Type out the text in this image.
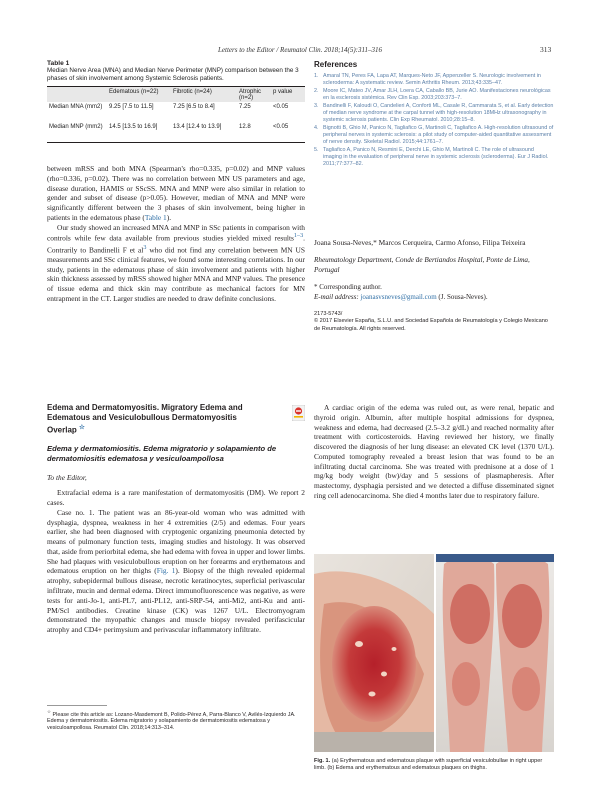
Letters to the Editor / Reumatol Clin. 2018;14(5):311–316	313
Table 1
Median Nerve Area (MNA) and Median Nerve Perimeter (MNP) comparison between the 3 phases of skin involvement among Systemic Sclerosis patients.
	Edematous (n=22)	Fibrotic (n=24)	Atrophic (n=2)	p value
Median MNA (mm2)	9.25 [7.5 to 11.5]	7.25 [6.5 to 8.4]	7.25	<0.05
Median MNP (mm2)	14.5 [13.5 to 16.9]	13.4 [12.4 to 13.9]	12.8	<0.05

between mRSS and both MNA (Spearman's rho=0.335, p=0.02) and MNP values (rho=0.336, p=0.02). There was no correlation between MN US parameters and age, disease duration, HAMIS or SScSS. MNA and MNP were also similar in relation to gender and subset of disease (p>0.05). However, median of MNA and MNP were significantly different between the 3 phases of skin involvement, being higher in patients in the edematous phase (Table 1).

Our study showed an increased MNA and MNP in SSc patients in comparison with controls while few data available from previous studies yielded mixed results$^{1-3}$. Contrarily to Bandinelli F et $al^3$ who did not find any correlation between MN US measurements and SSc clinical features, we found some interesting correlations. In our study, patients in the edematous phase of skin involvement and patients with higher skin thickness assessed by mRSS showed higher MNA and MNP values. The presence of tissue edema and thick skin may contribute as mechanical factors for MN entrapment in the CT. Larger studies are needed to draw definite conclusions.

References
1. Amaral TN, Peres FA, Lapa AT, Marques-Neto JF, Appenzeller S. Neurologic involvement in scleroderma: A systematic review. Semin Arthritis Rheum. 2013;43:335–47.
2. Moore IC, Mateo JV, Amar JLH, Loera CA, Caballo BB, Jurie AO. Manifestaciones neurológicas en la esclerosis sistémica. Rev Clin Esp. 2003;203:373–7.
3. Bandinelli F, Kaloudi O, Candelieri A, Conforti ML, Casale R, Cammarata S, et al. Early detection of median nerve syndrome at the carpal tunnel with high-resolution 18MHz ultrasonography in systemic sclerosis patients. Clin Exp Rheumatol. 2010;28:15–8.
4. Bignotti B, Ghio M, Panico N, Tagliafico G, Martinoli C, Tagliafico A. High-resolution ultrasound of peripheral nerves in systemic sclerosis: a pilot study of computer-aided quantitative assessment of nerve density. Skeletal Radiol. 2015;44:1761–7.
5. Tagliafico A, Panico N, Resmini E, Derchi LE, Ghio M, Martinoli C. The role of ultrasound imaging in the evaluation of peripheral nerve in systemic sclerosis (scleroderma). Eur J Radiol. 2011;77:377–82.
Joana Sousa-Neves,* Marcos Cerqueira, Carmo Afonso, Filipa Teixeira
Rheumatology Department, Conde de Bertiandos Hospital, Ponte de Lima, Portugal
* Corresponding author.
E-mail address: joanasvsneves@gmail.com (J. Sousa-Neves).
2173-5743/
© 2017 Elsevier España, S.L.U. and Sociedad Española de Reumatología y Colegio Mexicano de Reumatología. All rights reserved.
Edema and Dermatomyositis. Migratory Edema and Edematous and Vesiculobullous Dermatomyositis Overlap ☆
Edema y dermatomiositis. Edema migratorio y solapamiento de dermatomiositis edematosa y vesiculoampollosa
To the Editor,

Extrafacial edema is a rare manifestation of dermatomyositis (DM). We report 2 cases.

Case no. 1. The patient was an 86-year-old woman who was admitted with dysphagia, dyspnea, weakness in her 4 extremities (2/5) and edemas. Four years earlier, she had been diagnosed with cryptogenic organizing pneumonia detected by means of pulmonary function tests, imaging studies and histology. It was observed that, aside from periorbital edema, she had edema with fovea in upper and lower limbs. She had plaques with vesiculobullous eruption on her forearms and erythematous and edematous eruption on her thighs (Fig. 1). Biopsy of the thigh revealed epidermal atrophy, subepidermal bullous disease, necrotic keratinocytes, superficial perivascular infiltrate, mucin and dermal edema. Direct immunofluorescence was negative, as were tests for anti-Jo-1, anti-PL7, anti-PL12, anti-SRP-54, anti-Mi2, anti-Ku and anti-PM/Scl antibodies. Creatine kinase (CK) was 1267 U/L. Electromyogram demonstrated the myopathic changes and muscle biopsy revealed perifascicular atrophy and CD4+ perimysium and perivascular inflammatory infiltrate.

☆ Please cite this article as: Lozano-Masdemont B, Polido-Pérez A, Parra-Blanco V, Avilés-Izquierdo JA. Edema y dermatomiositis. Edema migratorio y solapamiento de dermatomiositis edematosa y vesiculoampollosa. Reumatol Clin. 2018;14:313–314.

A cardiac origin of the edema was ruled out, as were renal, hepatic and thyroid origin. Albumin, after multiple hospital admissions for dyspnea, weakness and edema, had decreased (2.5–3.2 g/dL) and reached normality after treatment with corticosteroids. Having reviewed her history, we finally discovered the diagnosis of her lung disease: an elevated CK level (1370 U/L). Computed tomography revealed a breast lesion that was found to be an infiltrating ductal carcinoma. She was treated with prednisone at a dose of 1 mg/kg body weight (bw)/day and 5 sessions of plasmapheresis. After mastectomy, dysphagia persisted and we detected a diffuse disseminated signet ring cell adenocarcinoma. She died 4 months later due to respiratory failure.

Fig. 1. (a) Erythematous and edematous plaque with superficial vesiculobullae in right upper limb. (b) Edema and erythematous and edematous plaques on thighs.
